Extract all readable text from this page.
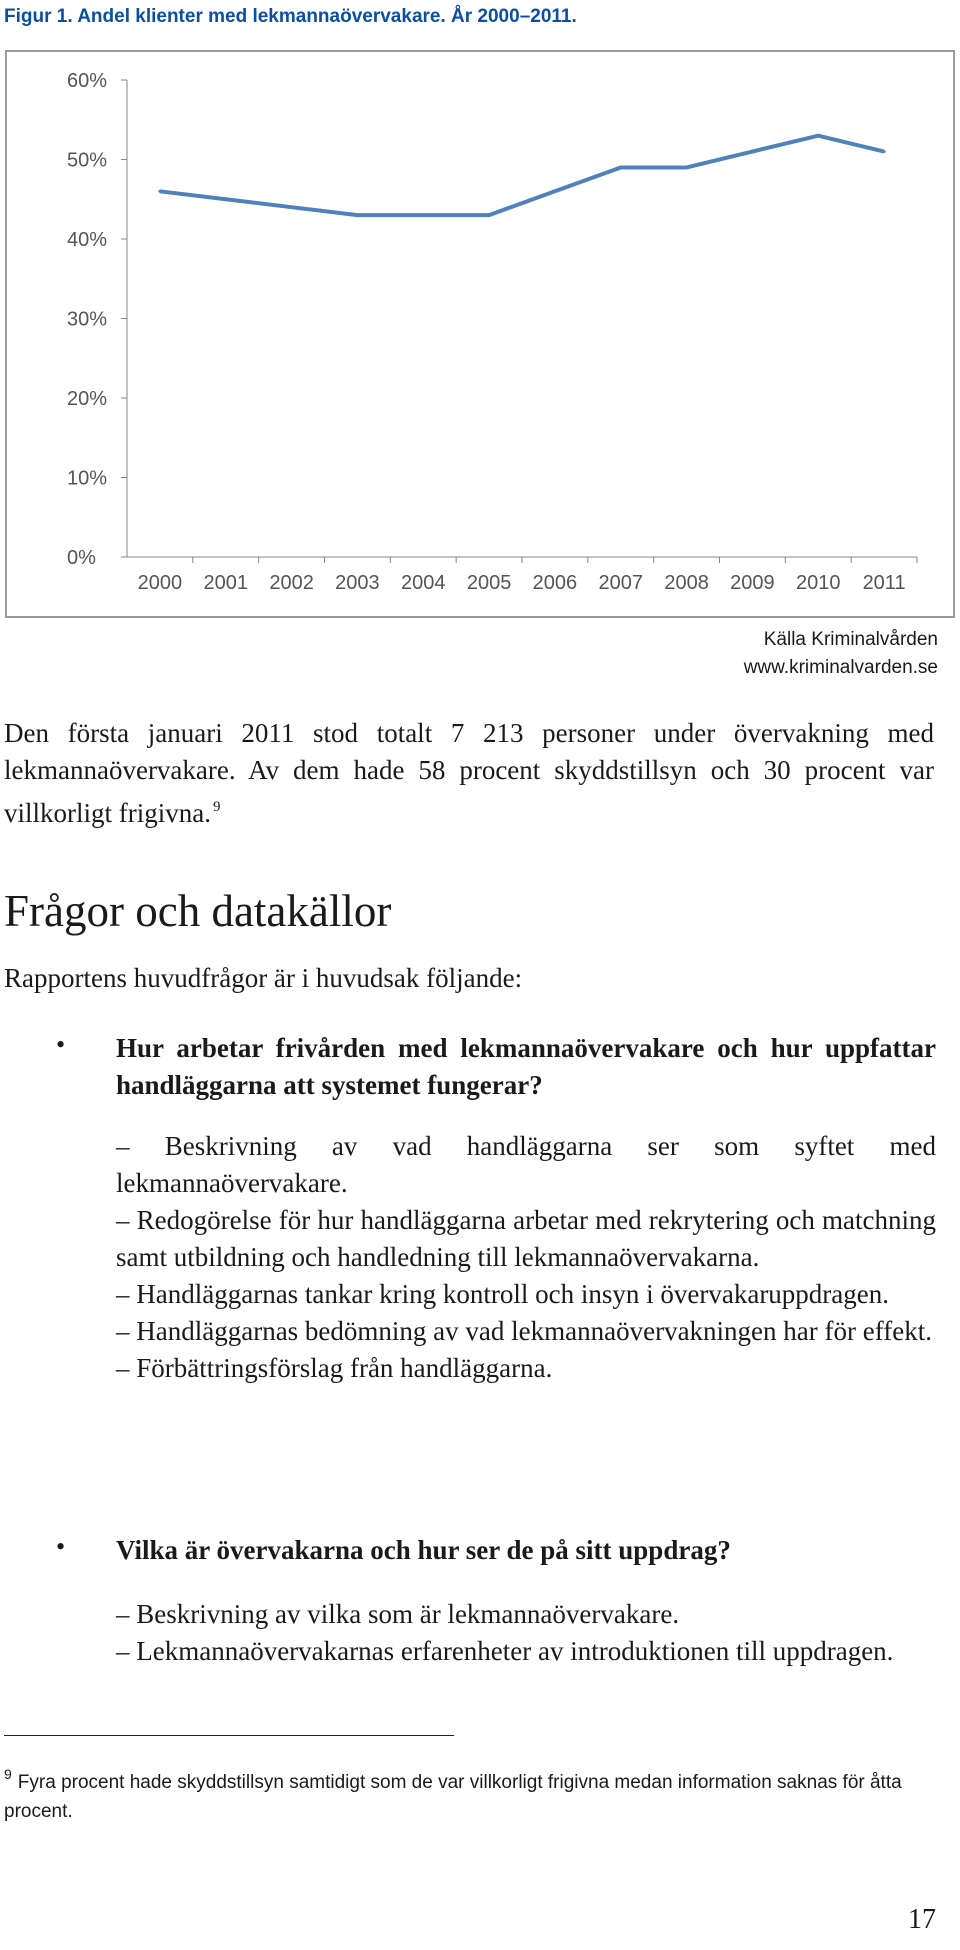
Figur 1. Andel klienter med lekmannaövervakare. År 2000–2011.
0%
10%
20%
30%
40%
50%
60%
2000 2001 2002 2003 2004 2005 2006 2007 2008 2009 2010 2011
Källa Kriminalvården
www.kriminalvarden.se
Den första januari 2011 stod totalt 7 213 personer under övervakning med lekmannaövervakare. Av dem hade 58 procent skyddstillsyn och 30 procent var villkorligt frigivna. $^9$
Frågor och datakällor
Rapportens huvudfrågor är i huvudsak följande:
• Hur arbetar frivården med lekmannaövervakare och hur uppfattar handläggarna att systemet fungerar?
– Beskrivning av vad handläggarna ser som syftet med lekmannaövervakare.
– Redogörelse för hur handläggarna arbetar med rekrytering och matchning samt utbildning och handledning till lekmannaövervakarna.
– Handläggarnas tankar kring kontroll och insyn i övervakaruppdragen.
– Handläggarnas bedömning av vad lekmannaövervakningen har för effekt.
– Förbättringsförslag från handläggarna.
• Vilka är övervakarna och hur ser de på sitt uppdrag?
– Beskrivning av vilka som är lekmannaövervakare.
– Lekmannaövervakarnas erfarenheter av introduktionen till uppdragen.
$^9$ Fyra procent hade skyddstillsyn samtidigt som de var villkorligt frigivna medan information saknas för åtta procent.
17
